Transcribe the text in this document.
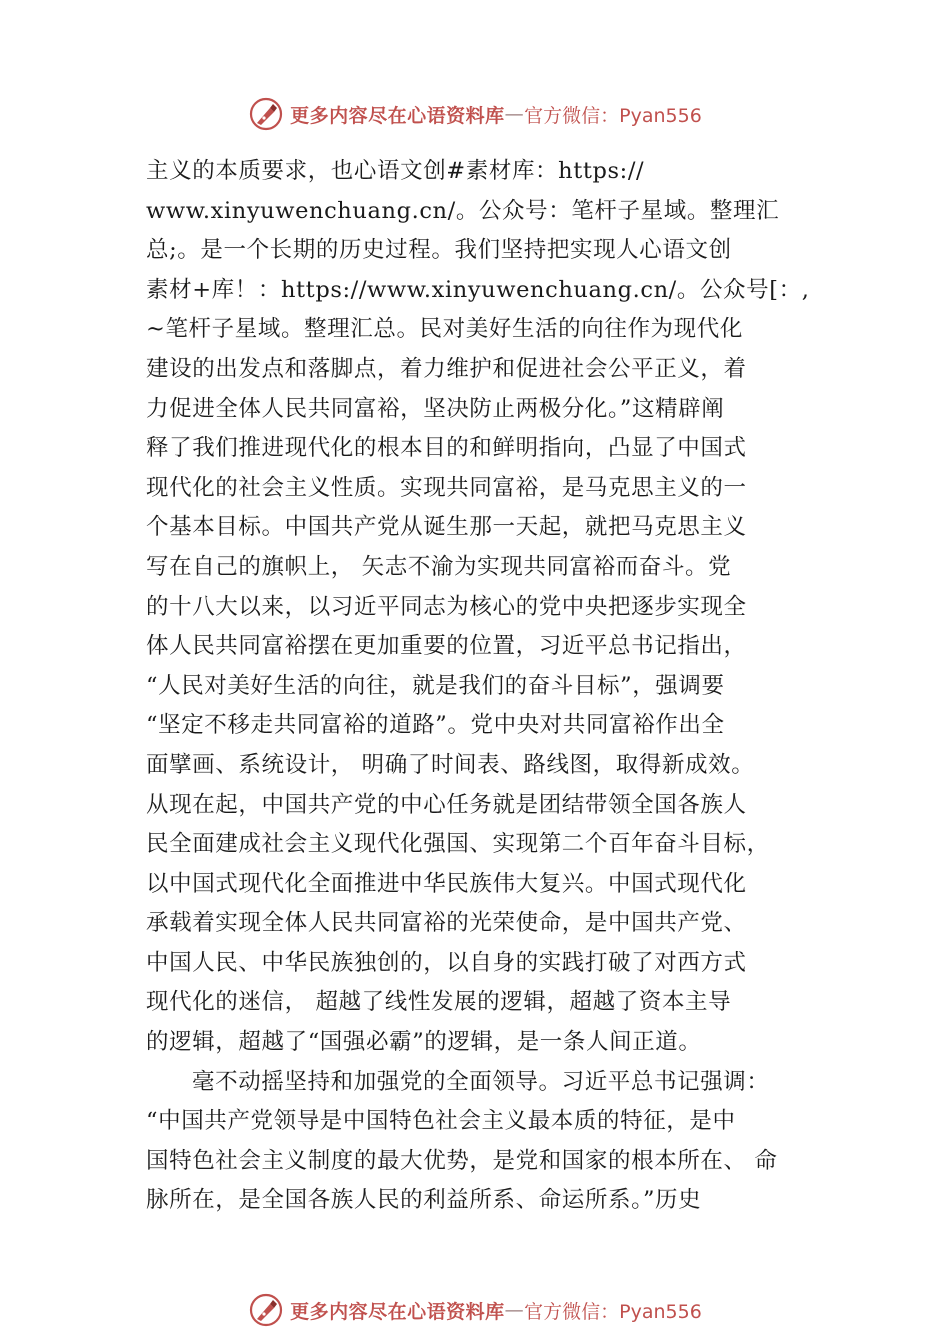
更多内容尽在心语资料库 — 官方微信：Pyan556
主义的本质要求，也心语文创#素材库：https://
www.xinyuwenchuang.cn/。公众号：笔杆子星域。整理汇
总;。是一个长期的历史过程。我们坚持把实现人心语文创
素材+库！：https://www.xinyuwenchuang.cn/。公众号[：,
~笔杆子星域。整理汇总。民对美好生活的向往作为现代化
建设的出发点和落脚点，着力维护和促进社会公平正义，着
力促进全体人民共同富裕，坚决防止两极分化。”这精辟阐
释了我们推进现代化的根本目的和鲜明指向，凸显了中国式
现代化的社会主义性质。实现共同富裕，是马克思主义的一
个基本目标。中国共产党从诞生那一天起，就把马克思主义
写在自己的旗帜上， 矢志不渝为实现共同富裕而奋斗。党
的十八大以来，以习近平同志为核心的党中央把逐步实现全
体人民共同富裕摆在更加重要的位置，习近平总书记指出，
“人民对美好生活的向往，就是我们的奋斗目标”，强调要
“坚定不移走共同富裕的道路”。党中央对共同富裕作出全
面擘画、系统设计， 明确了时间表、路线图，取得新成效。
从现在起，中国共产党的中心任务就是团结带领全国各族人
民全面建成社会主义现代化强国、实现第二个百年奋斗目标，
以中国式现代化全面推进中华民族伟大复兴。中国式现代化
承载着实现全体人民共同富裕的光荣使命，是中国共产党、
中国人民、中华民族独创的，以自身的实践打破了对西方式
现代化的迷信， 超越了线性发展的逻辑，超越了资本主导
的逻辑，超越了“国强必霸”的逻辑，是一条人间正道。
毫不动摇坚持和加强党的全面领导。习近平总书记强调：
“中国共产党领导是中国特色社会主义最本质的特征，是中
国特色社会主义制度的最大优势，是党和国家的根本所在、 命
脉所在，是全国各族人民的利益所系、命运所系。”历史
更多内容尽在心语资料库 — 官方微信：Pyan556
